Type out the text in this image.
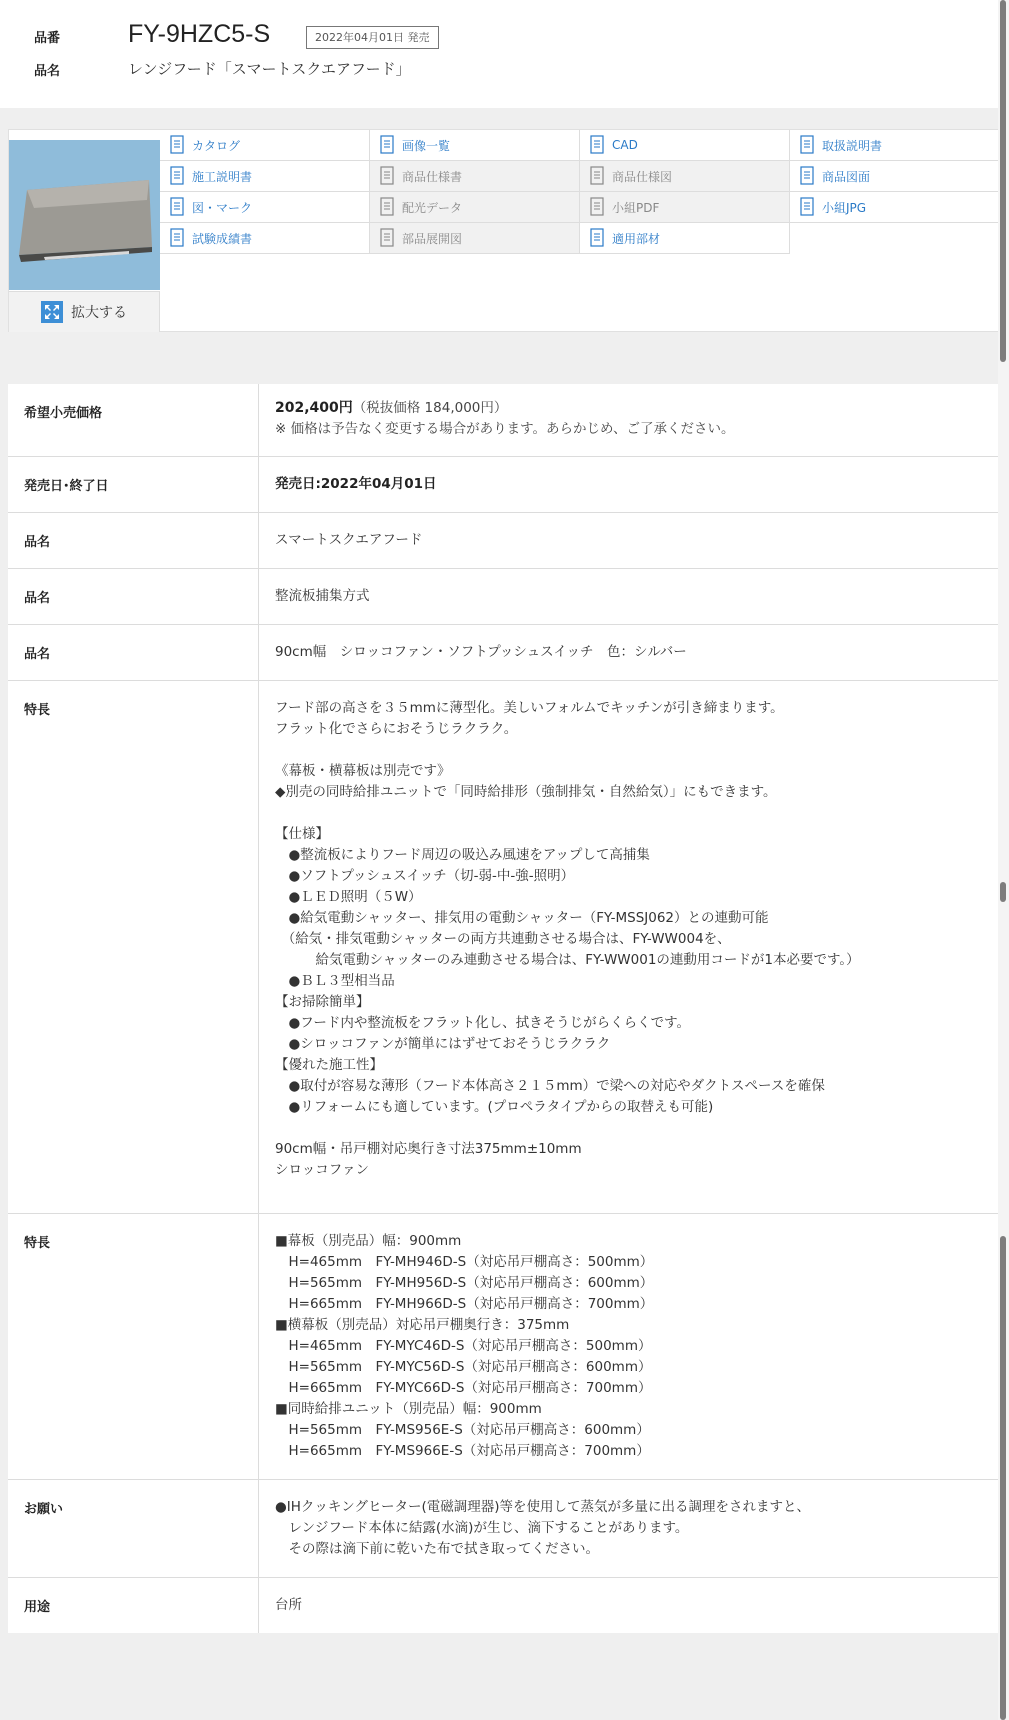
品番	FY-9HZC5-S	2022年04月01日 発売
品名	レンジフード「スマートスクエアフード」
拡大する
カタログ	画像一覧	CAD	取扱説明書
施工説明書	商品仕様書	商品仕様図	商品図面
図・マーク	配光データ	小組PDF	小組JPG
試験成績書	部品展開図	適用部材
希望小売価格	202,400円（税抜価格 184,000円）
※ 価格は予告なく変更する場合があります。あらかじめ、ご了承ください。
発売日･終了日	発売日:2022年04月01日
品名	スマートスクエアフード
品名	整流板捕集方式
品名	90cm幅　シロッコファン・ソフトプッシュスイッチ　色：シルバー
特長	フード部の高さを３５mmに薄型化。美しいフォルムでキッチンが引き締まります。
フラット化でさらにおそうじラクラク。

《幕板・横幕板は別売です》
◆別売の同時給排ユニットで「同時給排形（強制排気・自然給気）」にもできます。

【仕様】
　●整流板によりフード周辺の吸込み風速をアップして高捕集
　●ソフトプッシュスイッチ（切-弱-中-強-照明）
　●ＬＥＤ照明（５W）
　●給気電動シャッター、排気用の電動シャッター（FY-MSSJ062）との連動可能
　（給気・排気電動シャッターの両方共連動させる場合は、FY-WW004を、
　　　給気電動シャッターのみ連動させる場合は、FY-WW001の連動用コードが1本必要です。）
　●ＢＬ３型相当品
【お掃除簡単】
　●フード内や整流板をフラット化し、拭きそうじがらくらくです。
　●シロッコファンが簡単にはずせておそうじラクラク
【優れた施工性】
　●取付が容易な薄形（フード本体高さ２１５mm）で梁への対応やダクトスペースを確保
　●リフォームにも適しています。(プロペラタイプからの取替えも可能)

90cm幅・吊戸棚対応奥行き寸法375mm±10mm
シロッコファン
特長	■幕板（別売品）幅：900mm
　H=465mm　FY-MH946D-S（対応吊戸棚高さ：500mm）
　H=565mm　FY-MH956D-S（対応吊戸棚高さ：600mm）
　H=665mm　FY-MH966D-S（対応吊戸棚高さ：700mm）
■横幕板（別売品）対応吊戸棚奥行き：375mm
　H=465mm　FY-MYC46D-S（対応吊戸棚高さ：500mm）
　H=565mm　FY-MYC56D-S（対応吊戸棚高さ：600mm）
　H=665mm　FY-MYC66D-S（対応吊戸棚高さ：700mm）
■同時給排ユニット（別売品）幅：900mm
　H=565mm　FY-MS956E-S（対応吊戸棚高さ：600mm）
　H=665mm　FY-MS966E-S（対応吊戸棚高さ：700mm）
お願い	●IHクッキングヒーター(電磁調理器)等を使用して蒸気が多量に出る調理をされますと、
　レンジフード本体に結露(水滴)が生じ、滴下することがあります。
　その際は滴下前に乾いた布で拭き取ってください。
用途	台所
